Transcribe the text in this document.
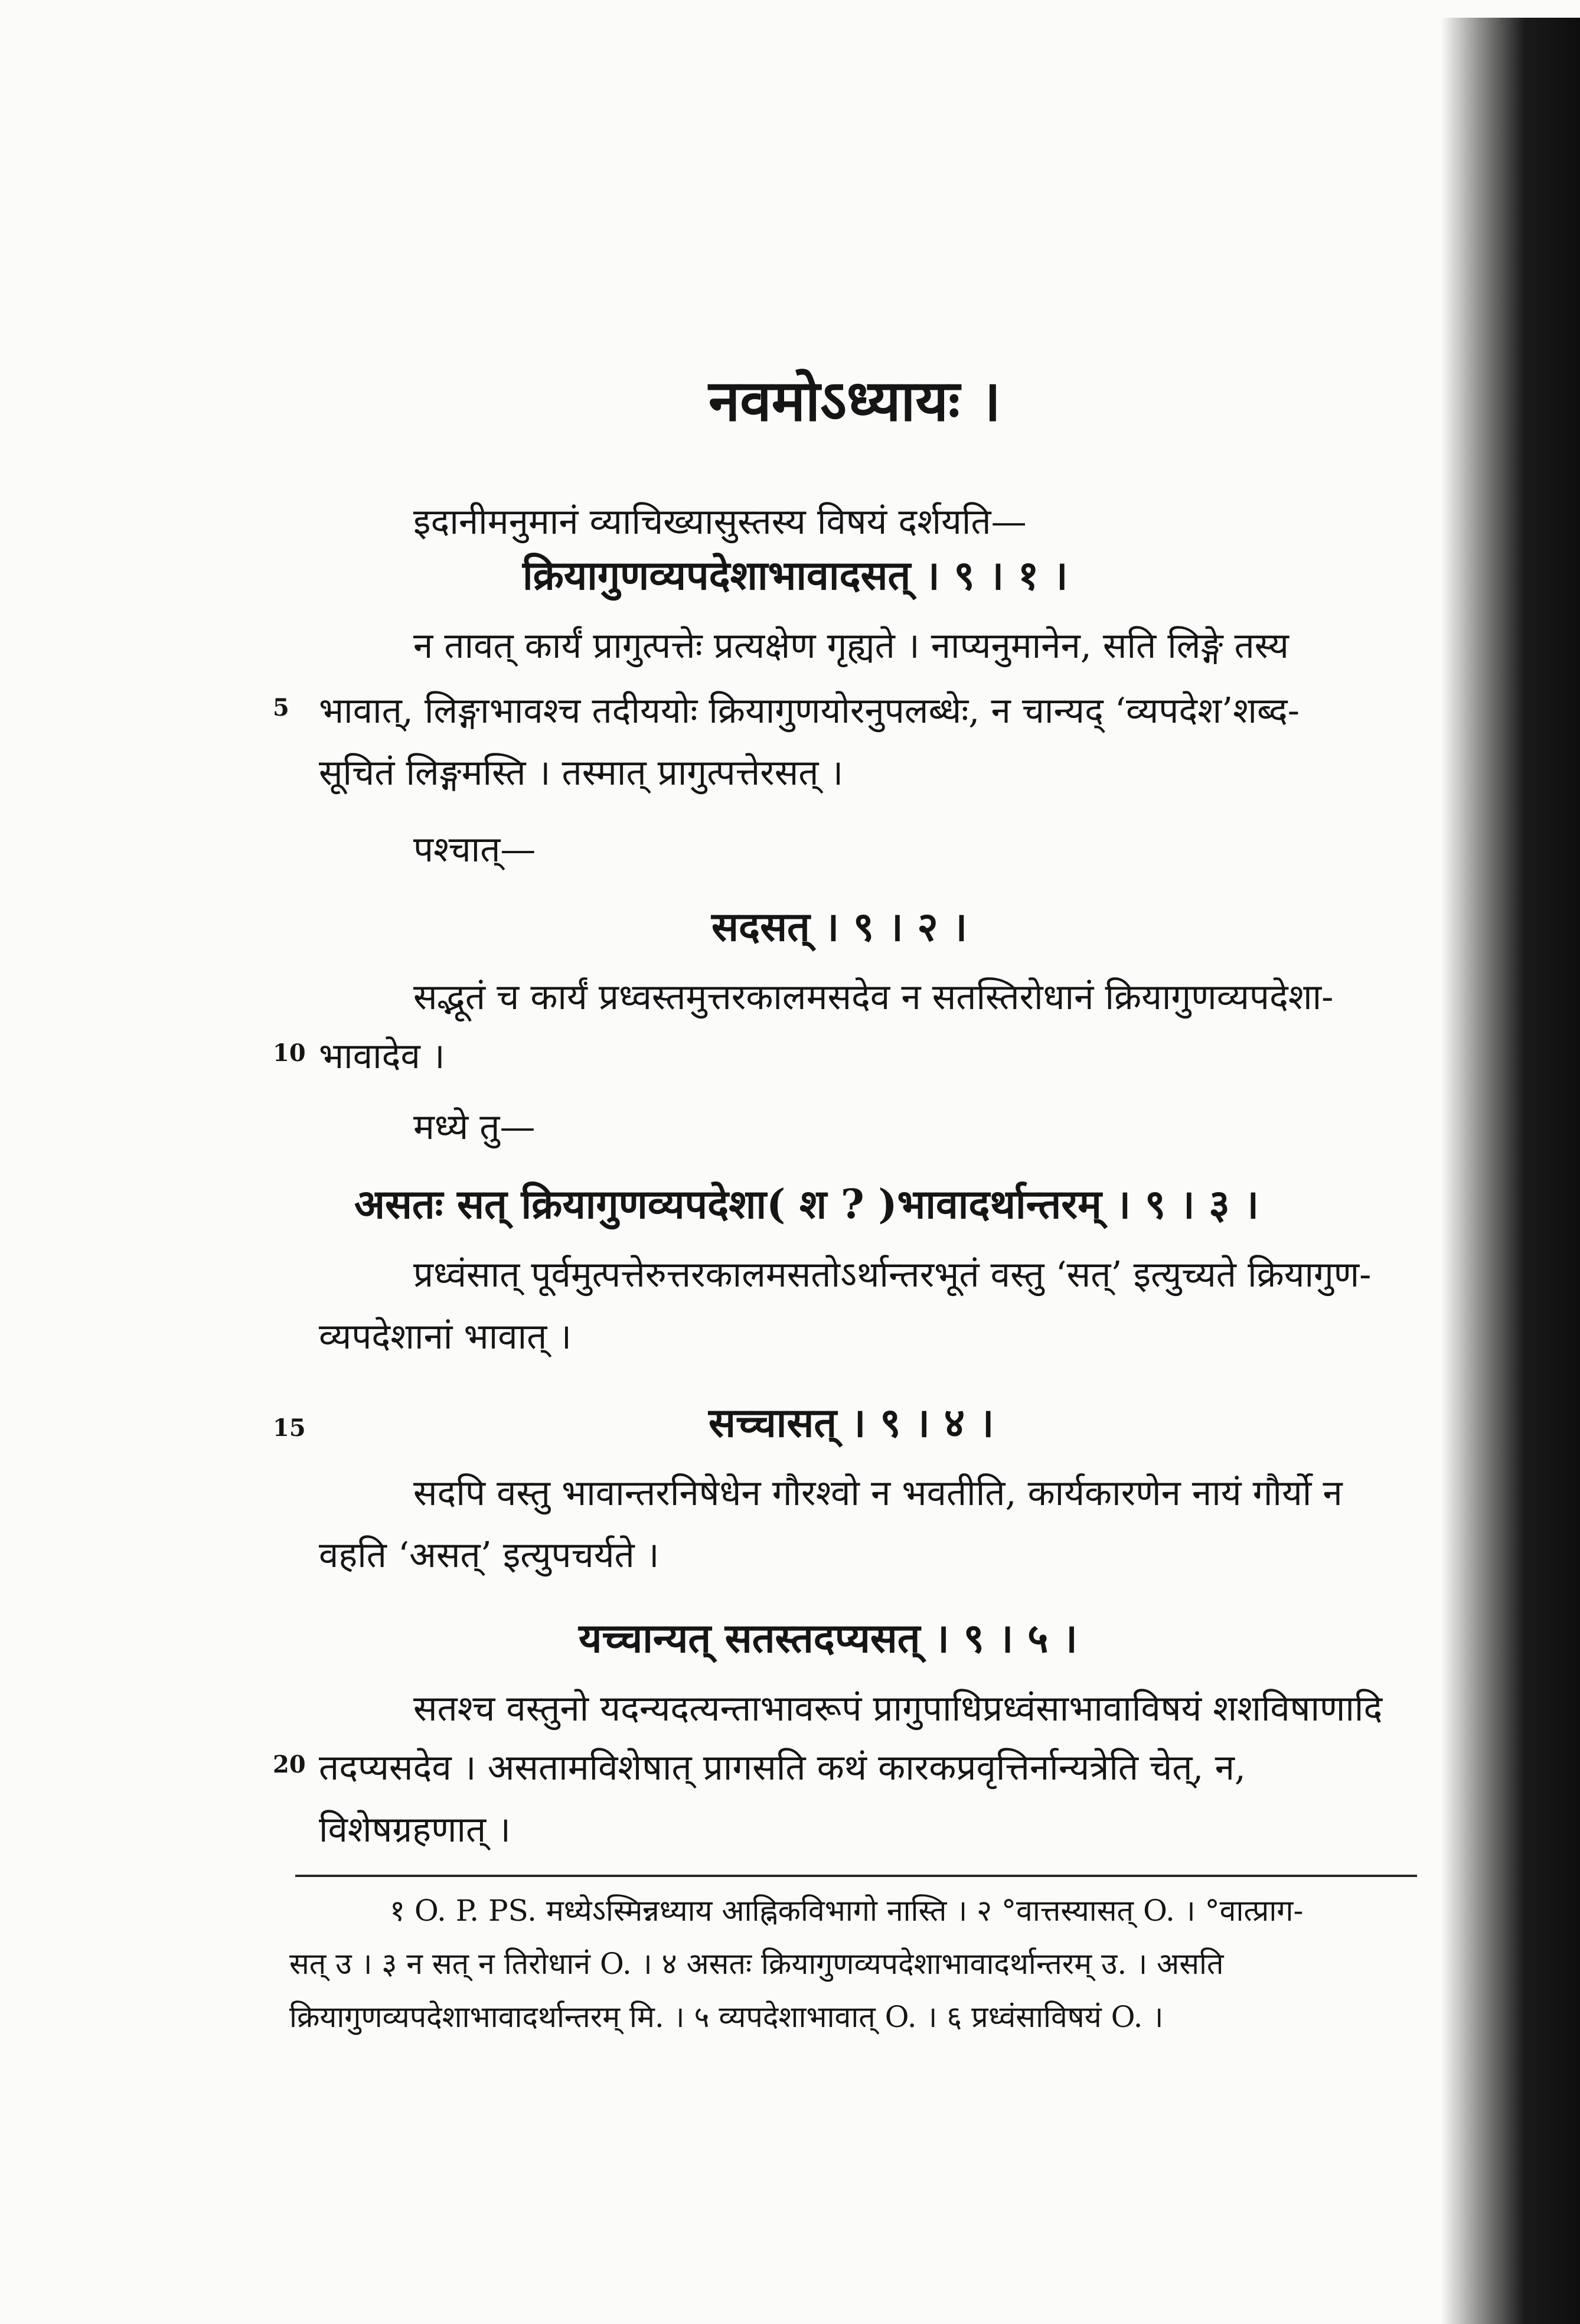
नवमोऽध्यायः ।
इदानीमनुमानं व्याचिख्यासुस्तस्य विषयं दर्शयति—
क्रियागुणव्यपदेशाभावादसत् । ९ । १ ।
न तावत् कार्यं प्रागुत्पत्तेः प्रत्यक्षेण गृह्यते । नाप्यनुमानेन, सति लिङ्गे तस्य
5 भावात्, लिङ्गाभावश्च तदीययोः क्रियागुणयोरनुपलब्धेः, न चान्यद् ‘व्यपदेश’शब्द-
सूचितं लिङ्गमस्ति । तस्मात् प्रागुत्पत्तेरसत् ।
पश्चात्—
सदसत् । ९ । २ ।
सद्भूतं च कार्यं प्रध्वस्तमुत्तरकालमसदेव न सतस्तिरोधानं क्रियागुणव्यपदेशा-
10 भावादेव ।
मध्ये तु—
असतः सत् क्रियागुणव्यपदेशा( श ? )भावादर्थान्तरम् । ९ । ३ ।
प्रध्वंसात् पूर्वमुत्पत्तेरुत्तरकालमसतोऽर्थान्तरभूतं वस्तु ‘सत्’ इत्युच्यते क्रियागुण-
व्यपदेशानां भावात् ।
15	सच्चासत् । ९ । ४ ।
सदपि वस्तु भावान्तरनिषेधेन गौरश्वो न भवतीति, कार्यकारणेन नायं गौर्यो न
वहति ‘असत्’ इत्युपचर्यते ।
यच्चान्यत् सतस्तदप्यसत् । ९ । ५ ।
सतश्च वस्तुनो यदन्यदत्यन्ताभावरूपं प्रागुपाधिप्रध्वंसाभावाविषयं शशविषाणादि
20 तदप्यसदेव । असतामविशेषात् प्रागसति कथं कारकप्रवृत्तिर्नान्यत्रेति चेत्, न,
विशेषग्रहणात् ।
१ O. P. PS. मध्येऽस्मिन्नध्याय आह्निकविभागो नास्ति । २ °वात्तस्यासत् O. । °वात्प्राग-
सत् उ । ३ न सत् न तिरोधानं O. । ४ असतः क्रियागुणव्यपदेशाभावादर्थान्तरम् उ. । असति
क्रियागुणव्यपदेशाभावादर्थान्तरम् मि. । ५ व्यपदेशाभावात् O. । ६ प्रध्वंसाविषयं O. ।
